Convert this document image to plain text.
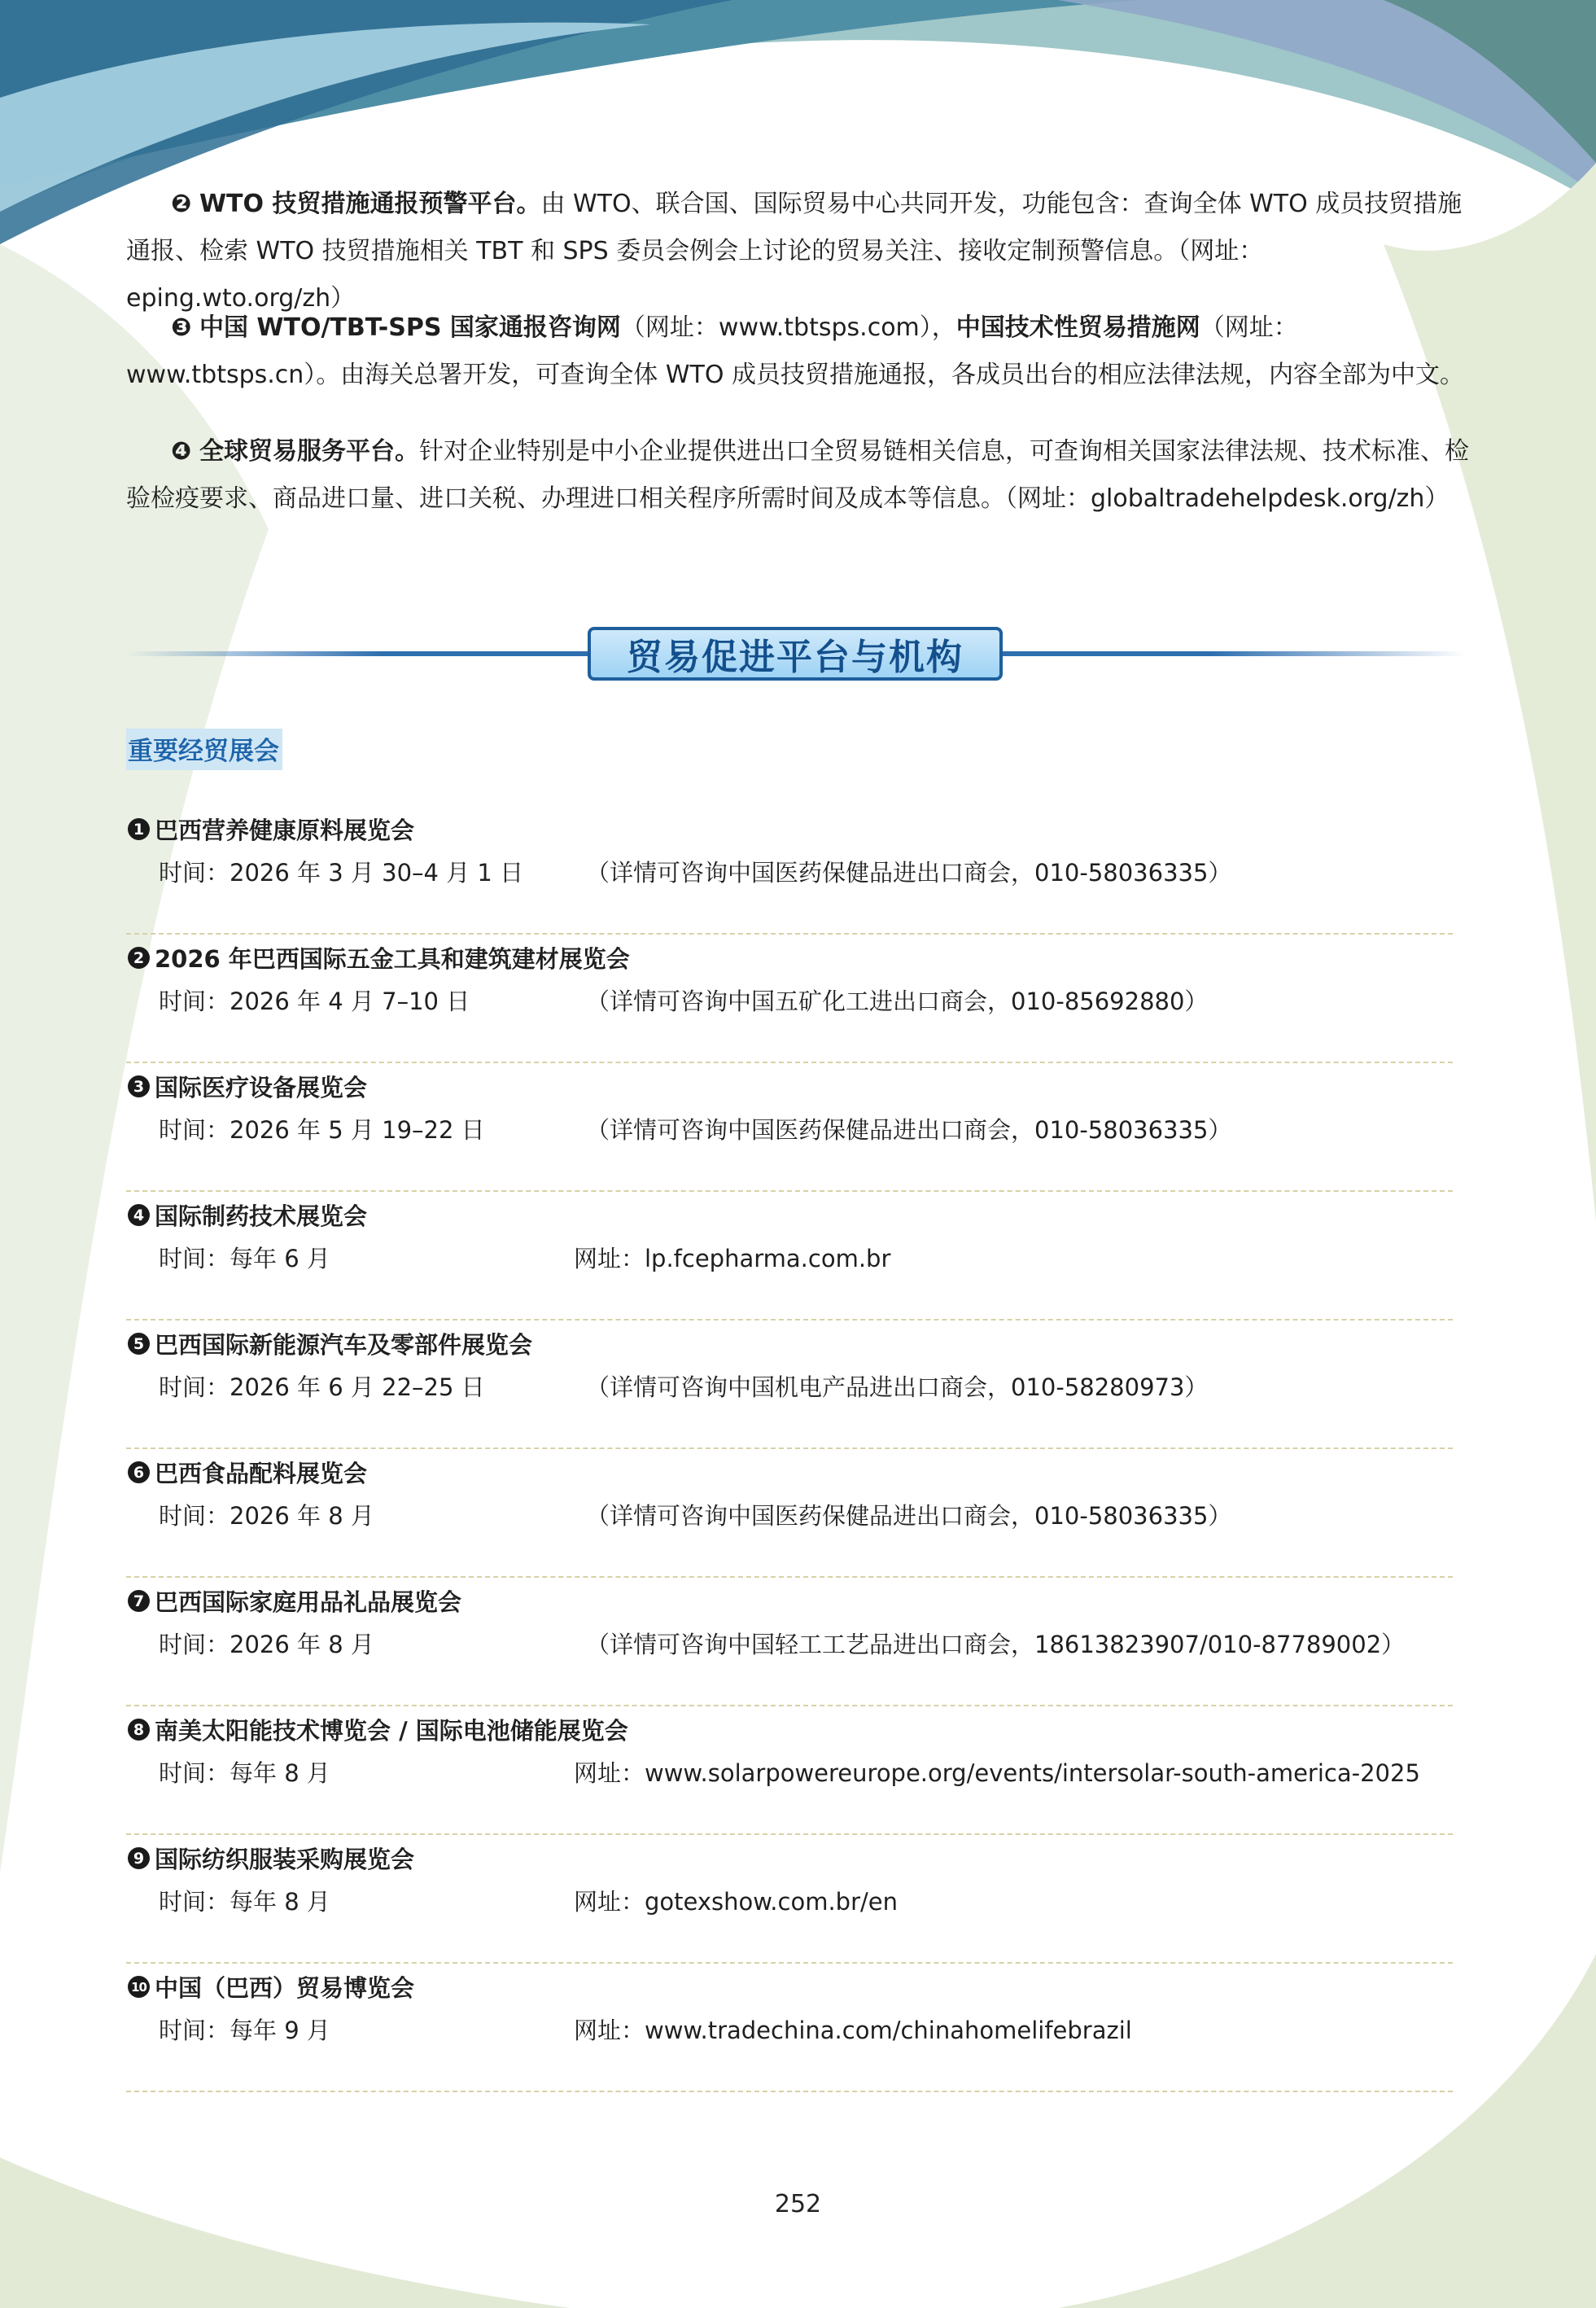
❷ WTO 技贸措施通报预警平台。由 WTO、联合国、国际贸易中心共同开发，功能包含：查询全体 WTO 成员技贸措施通报、检索 WTO 技贸措施相关 TBT 和 SPS 委员会例会上讨论的贸易关注、接收定制预警信息。（网址：eping.wto.org/zh）

❸ 中国 WTO/TBT-SPS 国家通报咨询网（网址：www.tbtsps.com），中国技术性贸易措施网（网址：www.tbtsps.cn）。由海关总署开发，可查询全体 WTO 成员技贸措施通报，各成员出台的相应法律法规，内容全部为中文。

❹ 全球贸易服务平台。针对企业特别是中小企业提供进出口全贸易链相关信息，可查询相关国家法律法规、技术标准、检验检疫要求、商品进口量、进口关税、办理进口相关程序所需时间及成本等信息。（网址：globaltradehelpdesk.org/zh）

贸易促进平台与机构
重要经贸展会
1 巴西营养健康原料展览会
时间：2026 年 3 月 30–4 月 1 日	（详情可咨询中国医药保健品进出口商会，010-58036335）
2 2026 年巴西国际五金工具和建筑建材展览会
时间：2026 年 4 月 7–10 日	（详情可咨询中国五矿化工进出口商会，010-85692880）
3 国际医疗设备展览会
时间：2026 年 5 月 19–22 日	（详情可咨询中国医药保健品进出口商会，010-58036335）
4 国际制药技术展览会
时间：每年 6 月	网址：lp.fcepharma.com.br
5 巴西国际新能源汽车及零部件展览会
时间：2026 年 6 月 22–25 日	（详情可咨询中国机电产品进出口商会，010-58280973）
6 巴西食品配料展览会
时间：2026 年 8 月	（详情可咨询中国医药保健品进出口商会，010-58036335）
7 巴西国际家庭用品礼品展览会
时间：2026 年 8 月	（详情可咨询中国轻工工艺品进出口商会，18613823907/010-87789002）
8 南美太阳能技术博览会 / 国际电池储能展览会
时间：每年 8 月	网址：www.solarpowereurope.org/events/intersolar-south-america-2025
9 国际纺织服装采购展览会
时间：每年 8 月	网址：gotexshow.com.br/en
10 中国（巴西）贸易博览会
时间：每年 9 月	网址：www.tradechina.com/chinahomelifebrazil
252
